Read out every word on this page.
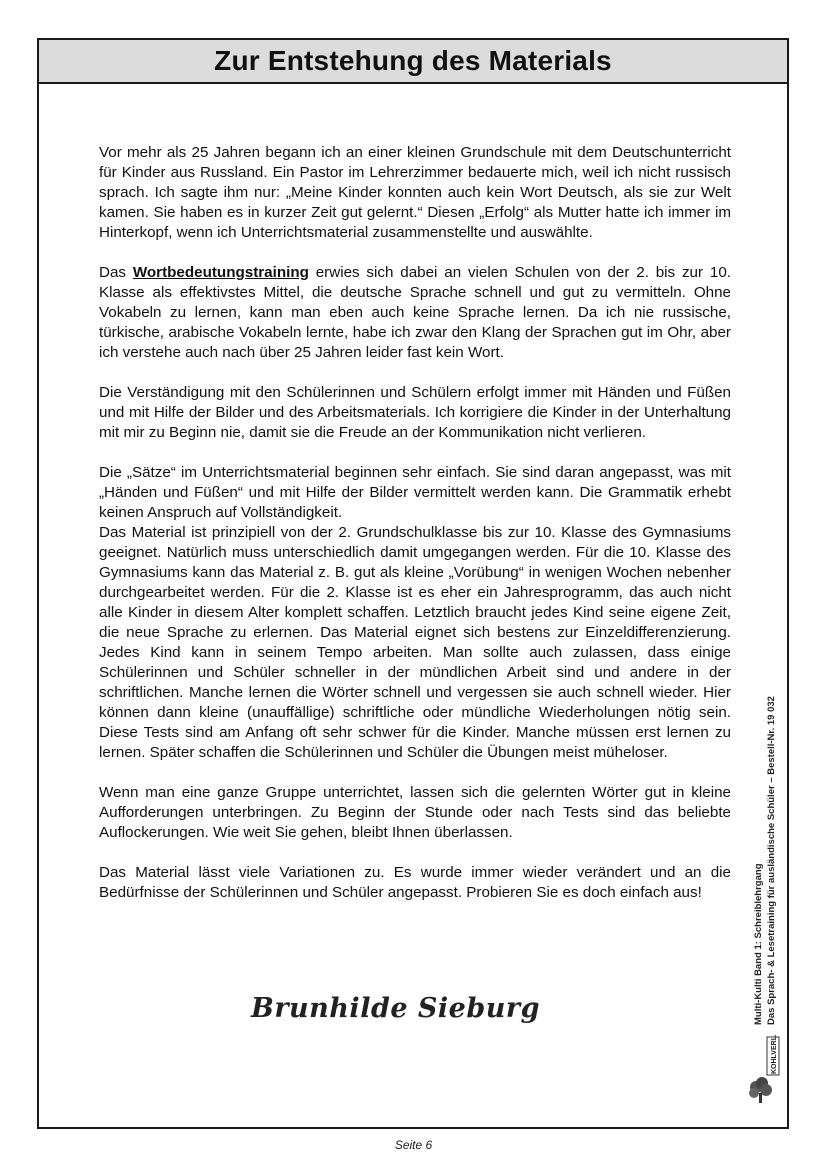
Zur Entstehung des Materials

Vor mehr als 25 Jahren begann ich an einer kleinen Grundschule mit dem Deutschunterricht für Kinder aus Russland. Ein Pastor im Lehrerzimmer bedauerte mich, weil ich nicht russisch sprach. Ich sagte ihm nur: „Meine Kinder konnten auch kein Wort Deutsch, als sie zur Welt kamen. Sie haben es in kurzer Zeit gut gelernt.“ Diesen „Erfolg“ als Mutter hatte ich immer im Hinterkopf, wenn ich Unterrichtsmaterial zusammenstellte und auswählte.

Das Wortbedeutungstraining erwies sich dabei an vielen Schulen von der 2. bis zur 10. Klasse als effektivstes Mittel, die deutsche Sprache schnell und gut zu vermitteln. Ohne Vokabeln zu lernen, kann man eben auch keine Sprache lernen. Da ich nie russische, türkische, arabische Vokabeln lernte, habe ich zwar den Klang der Sprachen gut im Ohr, aber ich verstehe auch nach über 25 Jahren leider fast kein Wort.

Die Verständigung mit den Schülerinnen und Schülern erfolgt immer mit Händen und Füßen und mit Hilfe der Bilder und des Arbeitsmaterials. Ich korrigiere die Kinder in der Unterhaltung mit mir zu Beginn nie, damit sie die Freude an der Kommunikation nicht verlieren.

Die „Sätze“ im Unterrichtsmaterial beginnen sehr einfach. Sie sind daran angepasst, was mit „Händen und Füßen“ und mit Hilfe der Bilder vermittelt werden kann. Die Grammatik erhebt keinen Anspruch auf Vollständigkeit.

Das Material ist prinzipiell von der 2. Grundschulklasse bis zur 10. Klasse des Gymnasiums geeignet. Natürlich muss unterschiedlich damit umgegangen werden. Für die 10. Klasse des Gymnasiums kann das Material z. B. gut als kleine „Vorübung“ in wenigen Wochen nebenher durchgearbeitet werden. Für die 2. Klasse ist es eher ein Jahresprogramm, das auch nicht alle Kinder in diesem Alter komplett schaffen. Letztlich braucht jedes Kind seine eigene Zeit, die neue Sprache zu erlernen. Das Material eignet sich bestens zur Einzeldifferenzierung. Jedes Kind kann in seinem Tempo arbeiten. Man sollte auch zulassen, dass einige Schülerinnen und Schüler schneller in der mündlichen Arbeit sind und andere in der schriftlichen. Manche lernen die Wörter schnell und vergessen sie auch schnell wieder. Hier können dann kleine (unauffällige) schriftliche oder mündliche Wiederholungen nötig sein. Diese Tests sind am Anfang oft sehr schwer für die Kinder. Manche müssen erst lernen zu lernen. Später schaffen die Schülerinnen und Schüler die Übungen meist müheloser.

Wenn man eine ganze Gruppe unterrichtet, lassen sich die gelernten Wörter gut in kleine Aufforderungen unterbringen. Zu Beginn der Stunde oder nach Tests sind das beliebte Auflockerungen. Wie weit Sie gehen, bleibt Ihnen überlassen.

Das Material lässt viele Variationen zu. Es wurde immer wieder verändert und an die Bedürfnisse der Schülerinnen und Schüler angepasst. Probieren Sie es doch einfach aus!

Brunhilde Sieburg	Multi-Kulti Band 1: Schreiblehrgang Das Sprach- & Lesetraining für ausländische Schüler – Bestell-Nr. 19 032
KOHLVERLAG
Seite 6
